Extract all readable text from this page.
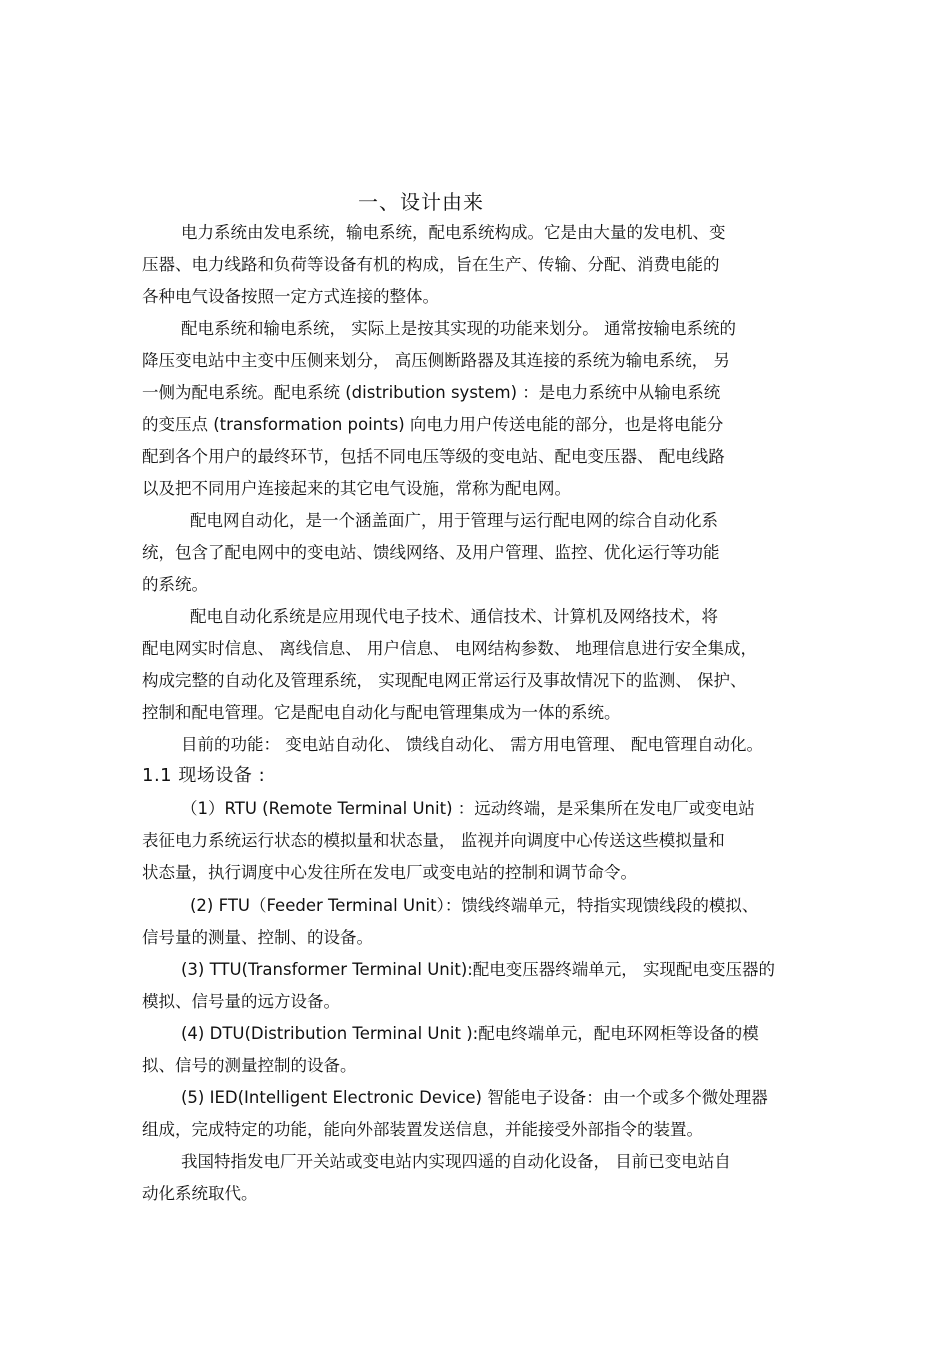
一、设计由来
电力系统由发电系统，输电系统，配电系统构成。它是由大量的发电机、变
压器、电力线路和负荷等设备有机的构成，旨在生产、传输、分配、消费电能的
各种电气设备按照一定方式连接的整体。
配电系统和输电系统， 实际上是按其实现的功能来划分。 通常按输电系统的
降压变电站中主变中压侧来划分， 高压侧断路器及其连接的系统为输电系统， 另
一侧为配电系统。配电系统 (distribution system) ：是电力系统中从输电系统
的变压点 (transformation points) 向电力用户传送电能的部分，也是将电能分
配到各个用户的最终环节，包括不同电压等级的变电站、配电变压器、 配电线路
以及把不同用户连接起来的其它电气设施，常称为配电网。
配电网自动化，是一个涵盖面广，用于管理与运行配电网的综合自动化系
统，包含了配电网中的变电站、馈线网络、及用户管理、监控、优化运行等功能
的系统。
配电自动化系统是应用现代电子技术、通信技术、计算机及网络技术，将
配电网实时信息、 离线信息、 用户信息、 电网结构参数、 地理信息进行安全集成，
构成完整的自动化及管理系统， 实现配电网正常运行及事故情况下的监测、 保护、
控制和配电管理。它是配电自动化与配电管理集成为一体的系统。
目前的功能： 变电站自动化、 馈线自动化、 需方用电管理、 配电管理自动化。
1.1 现场设备 :
（1）RTU (Remote Terminal Unit) ：远动终端，是采集所在发电厂或变电站
表征电力系统运行状态的模拟量和状态量， 监视并向调度中心传送这些模拟量和
状态量，执行调度中心发往所在发电厂或变电站的控制和调节命令。
(2) FTU（Feeder Terminal Unit）：馈线终端单元，特指实现馈线段的模拟、
信号量的测量、控制、的设备。
(3) TTU(Transformer Terminal Unit):配电变压器终端单元， 实现配电变压器的
模拟、信号量的远方设备。
(4) DTU(Distribution Terminal Unit ):配电终端单元，配电环网柜等设备的模
拟、信号的测量控制的设备。
(5) IED(Intelligent Electronic Device) 智能电子设备：由一个或多个微处理器
组成，完成特定的功能，能向外部装置发送信息，并能接受外部指令的装置。
我国特指发电厂开关站或变电站内实现四遥的自动化设备， 目前已变电站自
动化系统取代。
